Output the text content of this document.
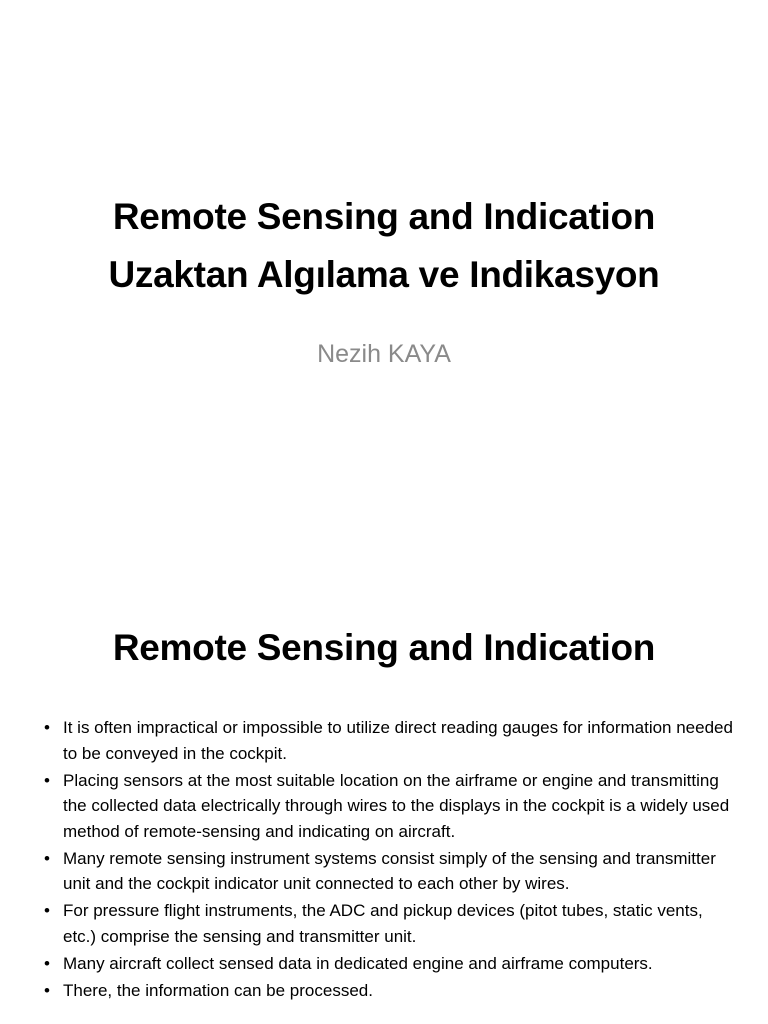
Remote Sensing and Indication
Uzaktan Algılama ve Indikasyon
Nezih KAYA
Remote Sensing and Indication
• It is often impractical or impossible to utilize direct reading gauges for information needed to be conveyed in the cockpit.
• Placing sensors at the most suitable location on the airframe or engine and transmitting the collected data electrically through wires to the displays in the cockpit is a widely used method of remote-sensing and indicating on aircraft.
• Many remote sensing instrument systems consist simply of the sensing and transmitter unit and the cockpit indicator unit connected to each other by wires.
• For pressure flight instruments, the ADC and pickup devices (pitot tubes, static vents, etc.) comprise the sensing and transmitter unit.
• Many aircraft collect sensed data in dedicated engine and airframe computers.
• There, the information can be processed.
